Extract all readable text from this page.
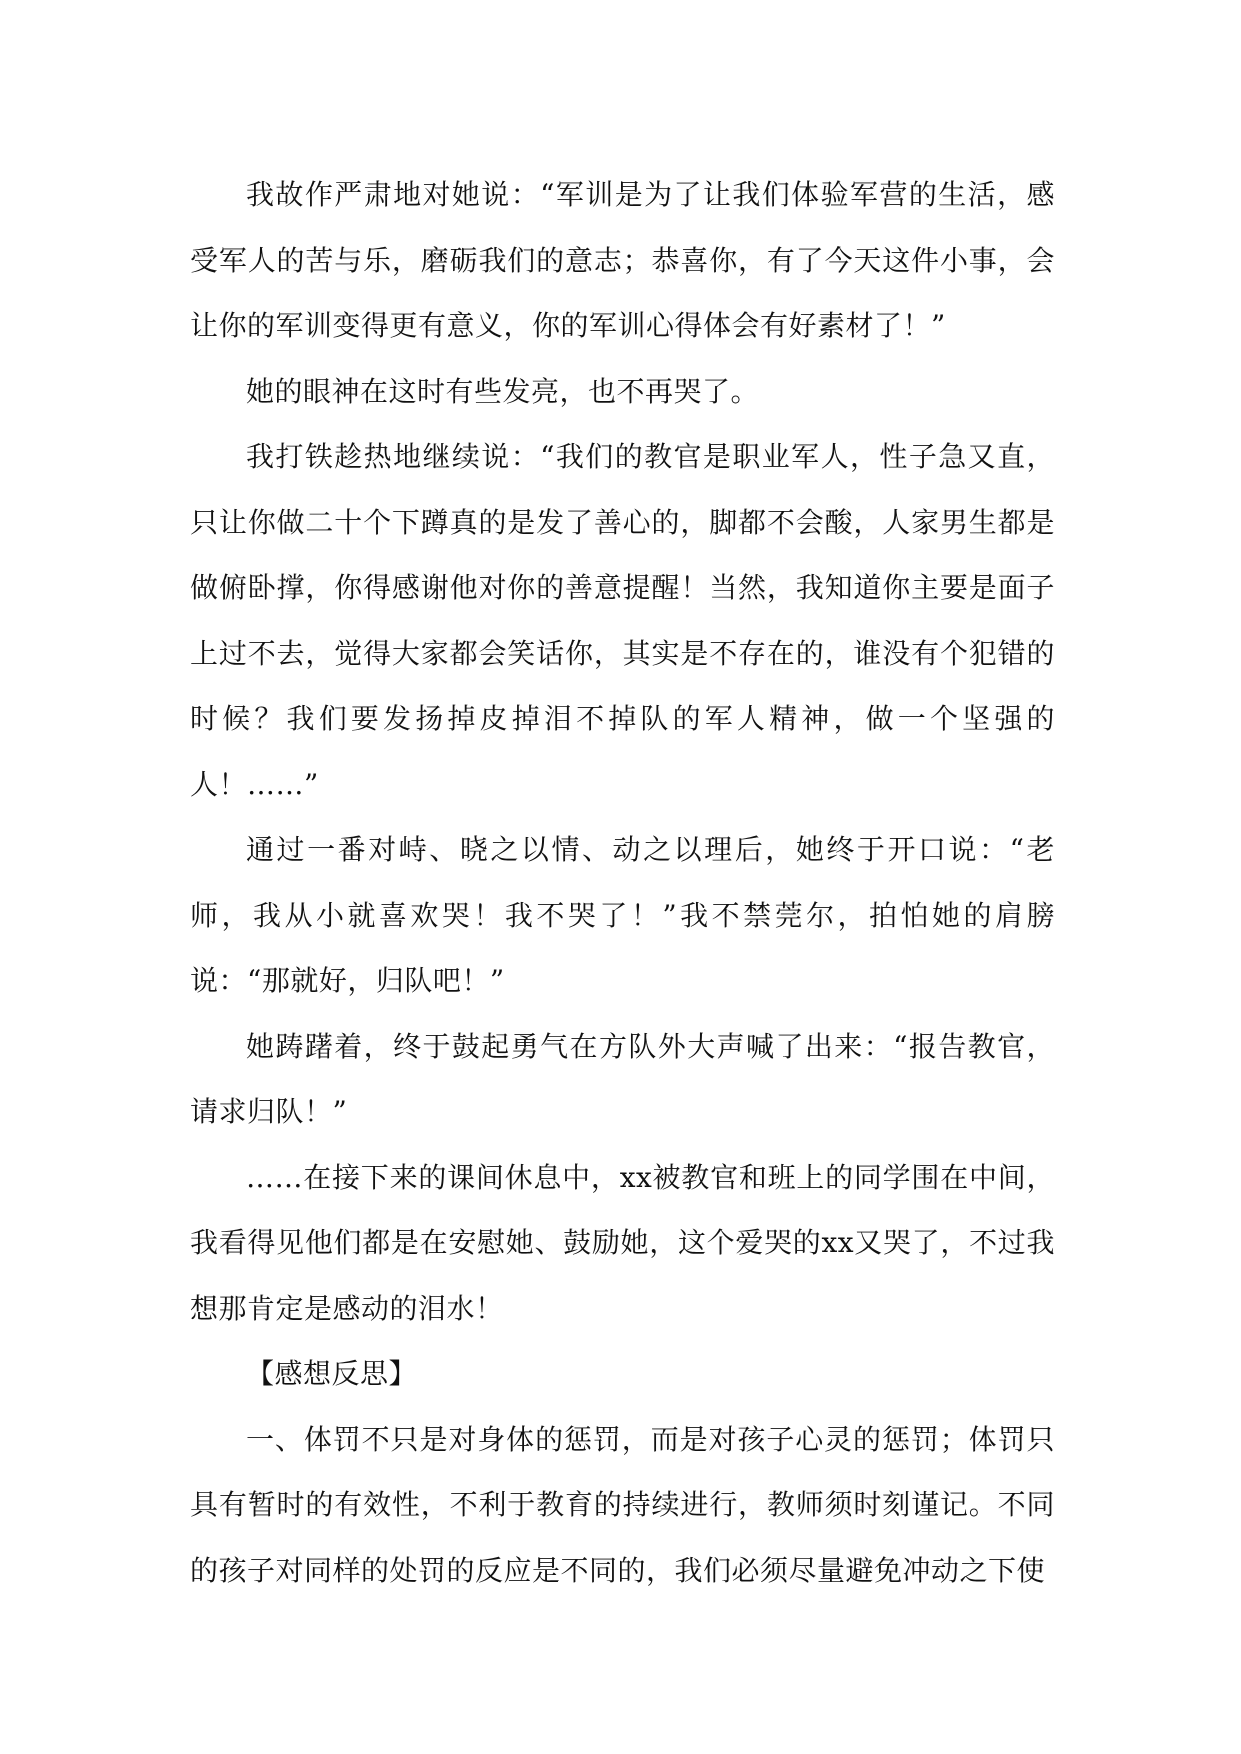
我故作严肃地对她说：“军训是为了让我们体验军营的生活，感受军人的苦与乐，磨砺我们的意志；恭喜你，有了今天这件小事，会让你的军训变得更有意义，你的军训心得体会有好素材了！”

她的眼神在这时有些发亮，也不再哭了。

我打铁趁热地继续说：“我们的教官是职业军人，性子急又直，只让你做二十个下蹲真的是发了善心的，脚都不会酸，人家男生都是做俯卧撑，你得感谢他对你的善意提醒！当然，我知道你主要是面子上过不去，觉得大家都会笑话你，其实是不存在的，谁没有个犯错的时候？我们要发扬掉皮掉泪不掉队的军人精神，做一个坚强的人！……”

通过一番对峙、晓之以情、动之以理后，她终于开口说：“老师，我从小就喜欢哭！我不哭了！”我不禁莞尔，拍怕她的肩膀说：“那就好，归队吧！”

她踌躇着，终于鼓起勇气在方队外大声喊了出来：“报告教官，请求归队！”

……在接下来的课间休息中，xx被教官和班上的同学围在中间，我看得见他们都是在安慰她、鼓励她，这个爱哭的xx又哭了，不过我想那肯定是感动的泪水！

【感想反思】

一、体罚不只是对身体的惩罚，而是对孩子心灵的惩罚；体罚只具有暂时的有效性，不利于教育的持续进行，教师须时刻谨记。不同的孩子对同样的处罚的反应是不同的，我们必须尽量避免冲动之下使
